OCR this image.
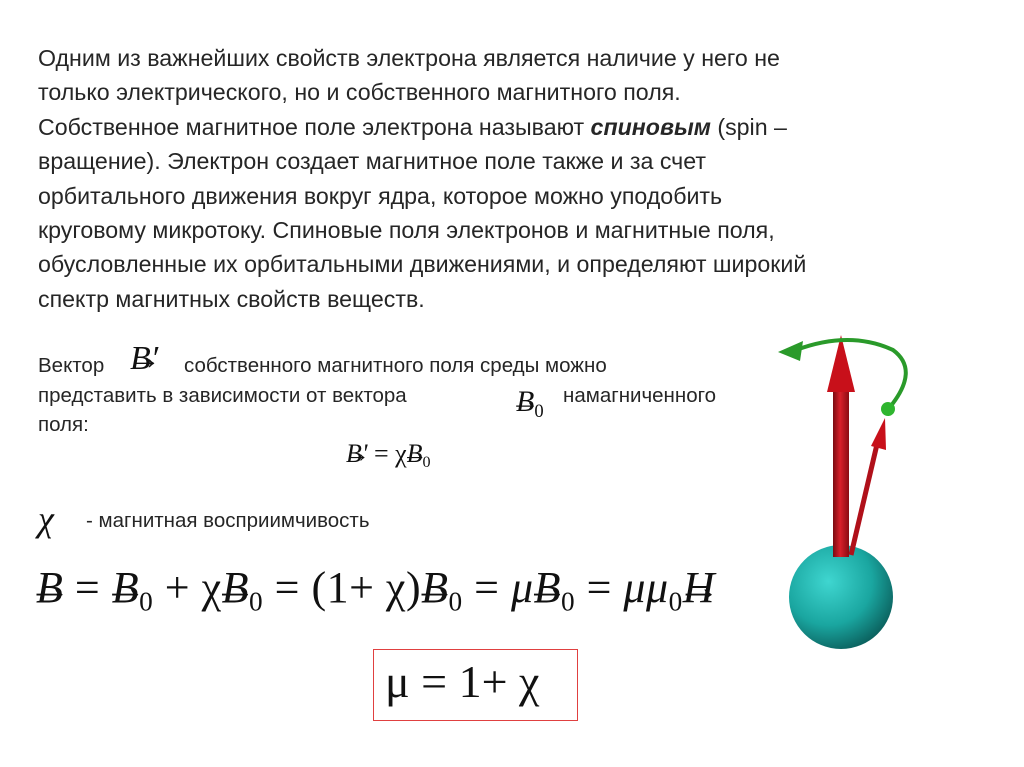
Одним из важнейших свойств электрона является наличие у него не
только электрического, но и собственного магнитного поля.
Собственное магнитное поле электрона называют спиновым (spin –
вращение). Электрон создает магнитное поле также и за счет
орбитального движения вокруг ядра, которое можно уподобить
круговому микротоку. Спиновые поля электронов и магнитные поля,
обусловленные их орбитальными движениями, и определяют широкий
спектр магнитных свойств веществ.
Вектор → B′ собственного магнитного поля среды можно
представить в зависимости от вектора	→ $B_0$
намагниченного
поля:
→ $B' = \chi\to B_0$
χ - магнитная восприимчивость
→ B = → $B_0 + \chi\to B_0 = (1+ \chi)\to B_0 = \mu\to B_0 = \mu\mu_0\to H$
μ = 1+ χ
